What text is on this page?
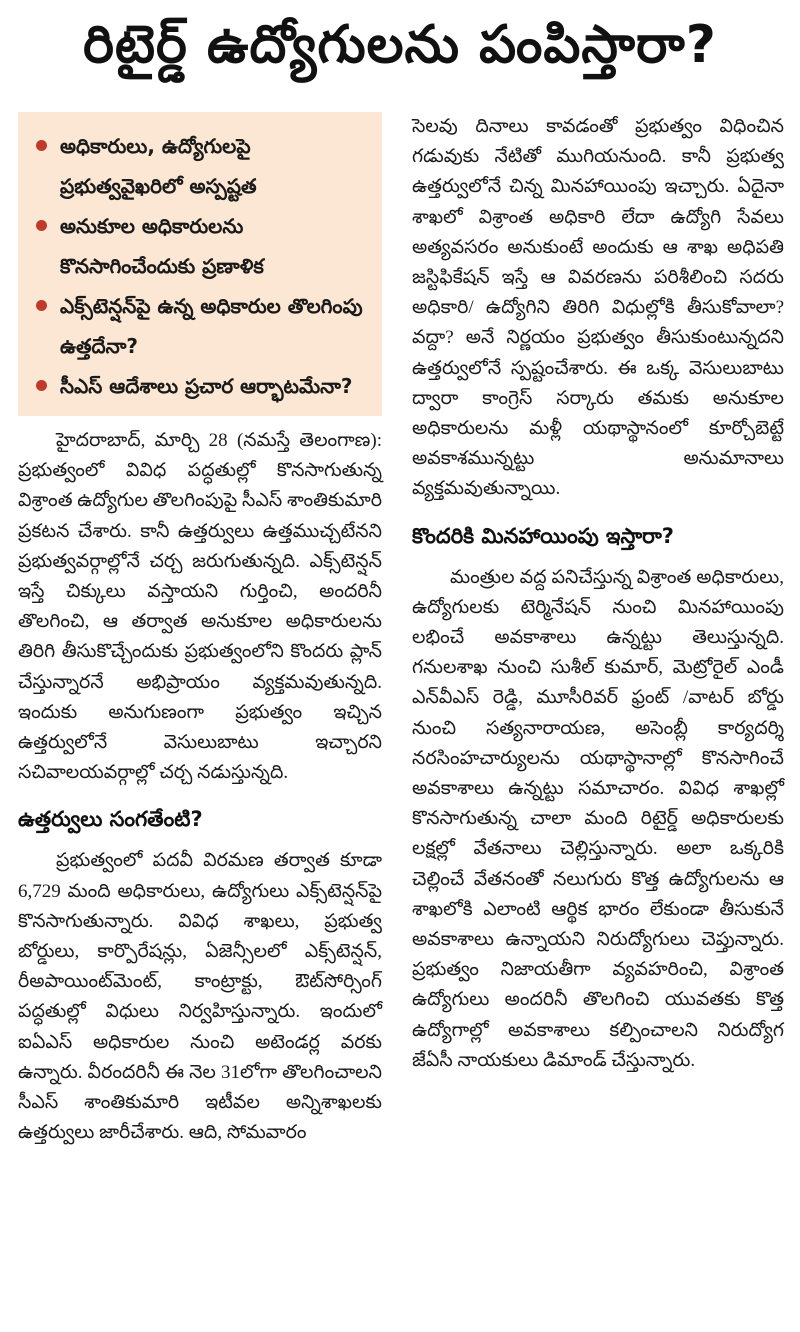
రిటైర్డ్ ఉద్యోగులను పంపిస్తారా?
అధికారులు, ఉద్యోగులపై ప్రభుత్వవైఖరిలో అస్పష్టత
అనుకూల అధికారులను కొనసాగించేందుకు ప్రణాళిక
ఎక్స్‌టెన్షన్‌పై ఉన్న అధికారుల తొలగింపు ఉత్తదేనా?
సీఎస్ ఆదేశాలు ప్రచార ఆర్భాటమేనా?

హైదరాబాద్, మార్చి 28 (నమస్తే తెలంగాణ): ప్రభుత్వంలో వివిధ పద్ధతుల్లో కొనసాగుతున్న విశ్రాంత ఉద్యోగుల తొలగింపుపై సీఎస్ శాంతికుమారి ప్రకటన చేశారు. కానీ ఉత్తర్వులు ఉత్తముచ్చటేనని ప్రభుత్వవర్గాల్లోనే చర్చ జరుగుతున్నది. ఎక్స్‌టెన్షన్ ఇస్తే చిక్కులు వస్తాయని గుర్తించి, అందరినీ తొలగించి, ఆ తర్వాత అనుకూల అధికారులను తిరిగి తీసుకొచ్చేందుకు ప్రభుత్వంలోని కొందరు ప్లాన్ చేస్తున్నారనే అభిప్రాయం వ్యక్తమవుతున్నది. ఇందుకు అనుగుణంగా ప్రభుత్వం ఇచ్చిన ఉత్తర్వులోనే వెసులుబాటు ఇచ్చారని సచివాలయవర్గాల్లో చర్చ నడుస్తున్నది.

ఉత్తర్వులు సంగతేంటి?

ప్రభుత్వంలో పదవీ విరమణ తర్వాత కూడా 6,729 మంది అధికారులు, ఉద్యోగులు ఎక్స్‌టెన్షన్‌పై కొనసాగుతున్నారు. వివిధ శాఖలు, ప్రభుత్వ బోర్డులు, కార్పొరేషన్లు, ఏజెన్సీలలో ఎక్స్‌టెన్షన్, రీఅపాయింట్‌మెంట్, కాంట్రాక్టు, ఔట్‌సోర్సింగ్ పద్ధతుల్లో విధులు నిర్వహిస్తున్నారు. ఇందులో ఐఏఎస్ అధికారుల నుంచి అటెండర్ల వరకు ఉన్నారు. వీరందరినీ ఈ నెల 31లోగా తొలగించాలని సీఎస్ శాంతికుమారి ఇటీవల అన్నిశాఖలకు ఉత్తర్వులు జారీచేశారు. ఆది, సోమవారం

సెలవు దినాలు కావడంతో ప్రభుత్వం విధించిన గడువుకు నేటితో ముగియనుంది. కానీ ప్రభుత్వ ఉత్తర్వులోనే చిన్న మినహాయింపు ఇచ్చారు. ఏదైనా శాఖలో విశ్రాంత అధికారి లేదా ఉద్యోగి సేవలు అత్యవసరం అనుకుంటే అందుకు ఆ శాఖ అధిపతి జస్టిఫికేషన్ ఇస్తే ఆ వివరణను పరిశీలించి సదరు అధికారి/ ఉద్యోగిని తిరిగి విధుల్లోకి తీసుకోవాలా? వద్దా? అనే నిర్ణయం ప్రభుత్వం తీసుకుంటున్నదని ఉత్తర్వులోనే స్పష్టంచేశారు. ఈ ఒక్క వెసులుబాటు ద్వారా కాంగ్రెస్ సర్కారు తమకు అనుకూల అధికారులను మళ్లీ యథాస్థానంలో కూర్చోబెట్టే అవకాశమున్నట్టు అనుమానాలు వ్యక్తమవుతున్నాయి.

కొందరికి మినహాయింపు ఇస్తారా?

మంత్రుల వద్ద పనిచేస్తున్న విశ్రాంత అధికారులు, ఉద్యోగులకు టెర్మినేషన్ నుంచి మినహాయింపు లభించే అవకాశాలు ఉన్నట్టు తెలుస్తున్నది. గనులశాఖ నుంచి సుశీల్ కుమార్, మెట్రోరైల్ ఎండీ ఎన్‌వీఎస్ రెడ్డి, మూసీరివర్ ఫ్రంట్ /వాటర్ బోర్డు నుంచి సత్యనారాయణ, అసెంబ్లీ కార్యదర్శి నరసింహచార్యులను యథాస్థానాల్లో కొనసాగించే అవకాశాలు ఉన్నట్టు సమాచారం. వివిధ శాఖల్లో కొనసాగుతున్న చాలా మంది రిటైర్డ్ అధికారులకు లక్షల్లో వేతనాలు చెల్లిస్తున్నారు. అలా ఒక్కరికి చెల్లించే వేతనంతో నలుగురు కొత్త ఉద్యోగులను ఆ శాఖలోకి ఎలాంటి ఆర్థిక భారం లేకుండా తీసుకునే అవకాశాలు ఉన్నాయని నిరుద్యోగులు చెప్తున్నారు. ప్రభుత్వం నిజాయతీగా వ్యవహరించి, విశ్రాంత ఉద్యోగులు అందరినీ తొలగించి యువతకు కొత్త ఉద్యోగాల్లో అవకాశాలు కల్పించాలని నిరుద్యోగ జేఏసీ నాయకులు డిమాండ్ చేస్తున్నారు.
